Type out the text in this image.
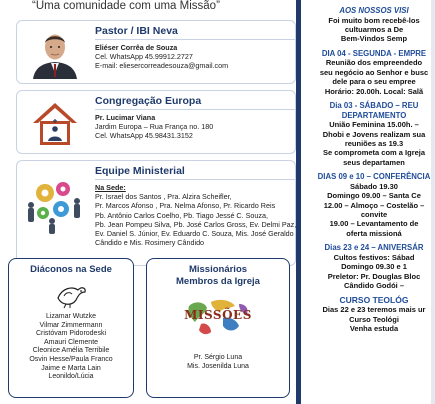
“Uma comunidade com uma Missão”
Pastor / IBI Neva
Eliéser Corrêa de Souza
Cel. WhatsApp 45.99912.2727
E-mail: eliesercorreadesouza@gmail.com
Congregação Europa
Pr. Lucimar Viana
Jardim Europa – Rua França no. 180
Cel. WhatsApp 45.98431.3152
Equipe Ministerial
Na Sede:
Pr. Israel dos Santos , Pra. Alzira Scheifler,
Pr. Marcos Afonso , Pra. Nelma Afonso, Pr. Ricardo Reis
Pb. Antônio Carlos Coelho, Pb. Tiago Jessé C. Souza,
Pb. Jean Pompeu Silva, Pb. José Carlos Gross, Ev. Delmi Paz,
Ev. Daniel S. Júnior, Ev. Eduardo C. Souza, Mis. José Geraldo
Cândido e Mis. Rosimery Cândido
Diáconos na Sede
Lizamar Wutzke
Vilmar Zimmermann
Cristóvam Pidorodeski
Amauri Clemente
Cleonice Amélia Terribile
Osvin Hesse/Paula Franco
Jaime e Marta Lain
Leonildo/Lúcia
Missionários
Membros da Igreja
MISSÕES
Pr. Sérgio Luna
Mis. Josenilda Luna
AOS NOSSOS VISI
Foi muito bom recebê-los
cultuarmos a De
Bem-Vindos Semp
DIA 04 - SEGUNDA - EMPRE
Reunião dos empreendedo
seu negócio ao Senhor e busc
dele para o seu empree
Horário: 20.00h. Local: Salã
Dia 03 - SÁBADO – REU
DEPARTAMENTO
União Feminina 15.00h. –
Dhobi e Jovens realizam sua
reuniões as 19.3
Se comprometa com a Igreja
seus departamen
DIAS 09 e 10 – CONFERÊNCIA
Sábado 19.30
Domingo 09.00 – Santa Ce
12.00 – Almoço – Costelão –
convite
19.00 – Levantamento de
oferta missioná
Dias 23 e 24 – ANIVERSÁR
Cultos festivos: Sábad
Domingo 09.30 e 1
Preletor: Pr. Douglas Bloc
Cândido Godói –
CURSO TEOLÓG
Dias 22 e 23 teremos mais ur
Curso Teológi
Venha estuda
